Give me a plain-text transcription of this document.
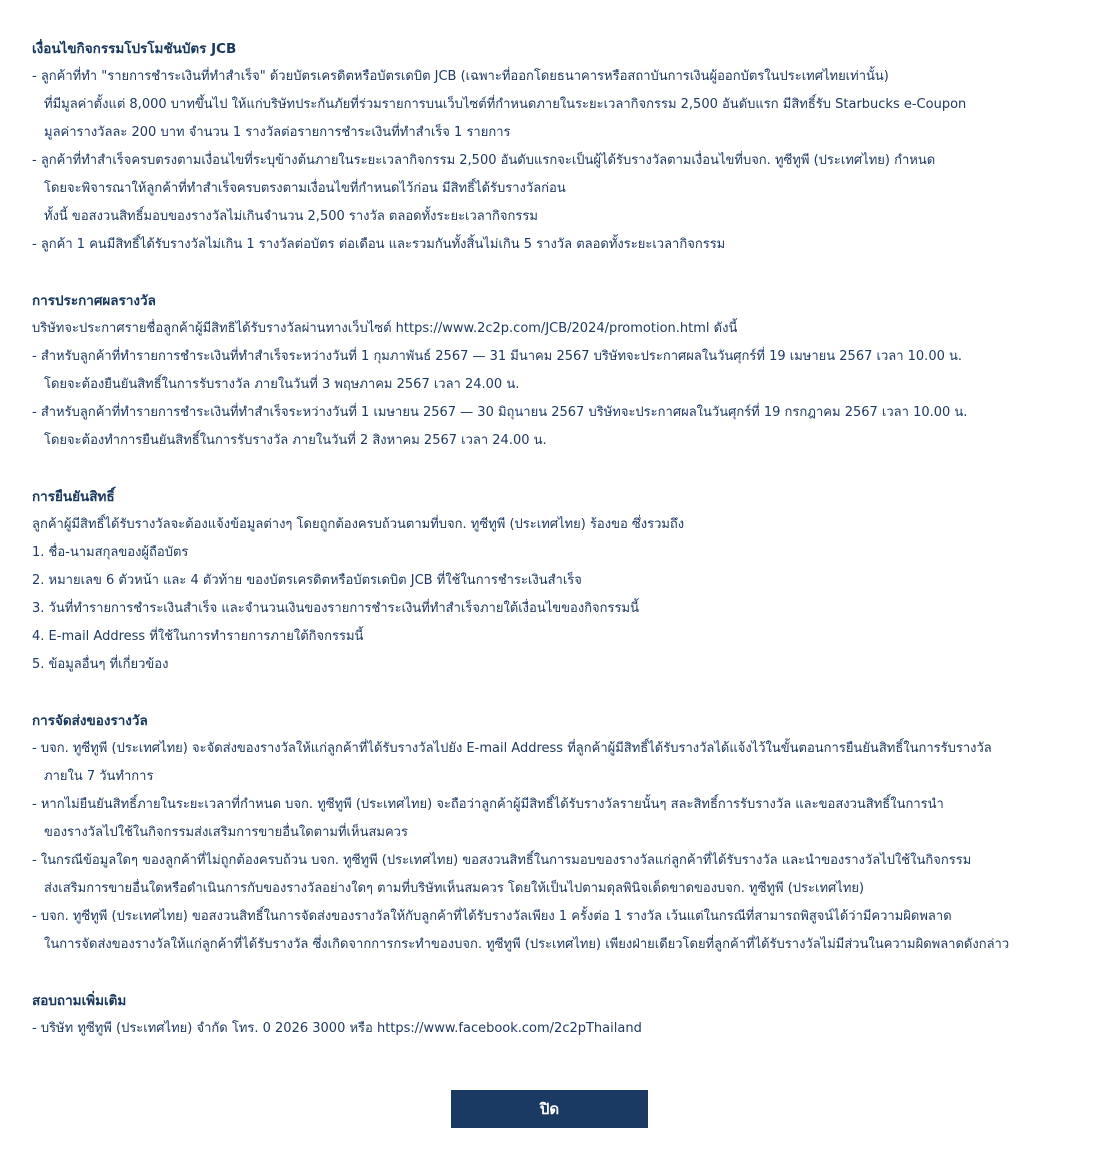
เงื่อนไขกิจกรรมโปรโมชันบัตร JCB
- ลูกค้าที่ทำ "รายการชำระเงินที่ทำสำเร็จ" ด้วยบัตรเครดิตหรือบัตรเดบิต JCB (เฉพาะที่ออกโดยธนาคารหรือสถาบันการเงินผู้ออกบัตรในประเทศไทยเท่านั้น)
ที่มีมูลค่าตั้งแต่ 8,000 บาทขึ้นไป ให้แก่บริษัทประกันภัยที่ร่วมรายการบนเว็บไซต์ที่กำหนดภายในระยะเวลากิจกรรม 2,500 อันดับแรก มีสิทธิ์รับ Starbucks e-Coupon
มูลค่ารางวัลละ 200 บาท จำนวน 1 รางวัลต่อรายการชำระเงินที่ทำสำเร็จ 1 รายการ
- ลูกค้าที่ทำสำเร็จครบตรงตามเงื่อนไขที่ระบุข้างต้นภายในระยะเวลากิจกรรม 2,500 อันดับแรกจะเป็นผู้ได้รับรางวัลตามเงื่อนไขที่บจก. ทูซีทูพี (ประเทศไทย) กำหนด
โดยจะพิจารณาให้ลูกค้าที่ทำสำเร็จครบตรงตามเงื่อนไขที่กำหนดไว้ก่อน มีสิทธิ์ได้รับรางวัลก่อน
ทั้งนี้ ขอสงวนสิทธิ์มอบของรางวัลไม่เกินจำนวน 2,500 รางวัล ตลอดทั้งระยะเวลากิจกรรม
- ลูกค้า 1 คนมีสิทธิ์ได้รับรางวัลไม่เกิน 1 รางวัลต่อบัตร ต่อเดือน และรวมกันทั้งสิ้นไม่เกิน 5 รางวัล ตลอดทั้งระยะเวลากิจกรรม
การประกาศผลรางวัล
บริษัทจะประกาศรายชื่อลูกค้าผู้มีสิทธิได้รับรางวัลผ่านทางเว็บไซต์ https://www.2c2p.com/JCB/2024/promotion.html ดังนี้
- สำหรับลูกค้าที่ทำรายการชำระเงินที่ทำสำเร็จระหว่างวันที่ 1 กุมภาพันธ์ 2567 — 31 มีนาคม 2567 บริษัทจะประกาศผลในวันศุกร์ที่ 19 เมษายน 2567 เวลา 10.00 น.
โดยจะต้องยืนยันสิทธิ์ในการรับรางวัล ภายในวันที่ 3 พฤษภาคม 2567 เวลา 24.00 น.
- สำหรับลูกค้าที่ทำรายการชำระเงินที่ทำสำเร็จระหว่างวันที่ 1 เมษายน 2567 — 30 มิถุนายน 2567 บริษัทจะประกาศผลในวันศุกร์ที่ 19 กรกฎาคม 2567 เวลา 10.00 น.
โดยจะต้องทำการยืนยันสิทธิ์ในการรับรางวัล ภายในวันที่ 2 สิงหาคม 2567 เวลา 24.00 น.
การยืนยันสิทธิ์
ลูกค้าผู้มีสิทธิ์ได้รับรางวัลจะต้องแจ้งข้อมูลต่างๆ โดยถูกต้องครบถ้วนตามที่บจก. ทูซีทูพี (ประเทศไทย) ร้องขอ ซึ่งรวมถึง
1. ชื่อ-นามสกุลของผู้ถือบัตร
2. หมายเลข 6 ตัวหน้า และ 4 ตัวท้าย ของบัตรเครดิตหรือบัตรเดบิต JCB ที่ใช้ในการชำระเงินสำเร็จ
3. วันที่ทำรายการชำระเงินสำเร็จ และจำนวนเงินของรายการชำระเงินที่ทำสำเร็จภายใต้เงื่อนไขของกิจกรรมนี้
4. E-mail Address ที่ใช้ในการทำรายการภายใต้กิจกรรมนี้
5. ข้อมูลอื่นๆ ที่เกี่ยวข้อง
การจัดส่งของรางวัล
- บจก. ทูซีทูพี (ประเทศไทย) จะจัดส่งของรางวัลให้แก่ลูกค้าที่ได้รับรางวัลไปยัง E-mail Address ที่ลูกค้าผู้มีสิทธิ์ได้รับรางวัลได้แจ้งไว้ในขั้นตอนการยืนยันสิทธิ์ในการรับรางวัล
ภายใน 7 วันทำการ
- หากไม่ยืนยันสิทธิ์ภายในระยะเวลาที่กำหนด บจก. ทูซีทูพี (ประเทศไทย) จะถือว่าลูกค้าผู้มีสิทธิ์ได้รับรางวัลรายนั้นๆ สละสิทธิ์การรับรางวัล และขอสงวนสิทธิ์ในการนำ
ของรางวัลไปใช้ในกิจกรรมส่งเสริมการขายอื่นใดตามที่เห็นสมควร
- ในกรณีข้อมูลใดๆ ของลูกค้าที่ไม่ถูกต้องครบถ้วน บจก. ทูซีทูพี (ประเทศไทย) ขอสงวนสิทธิ์ในการมอบของรางวัลแก่ลูกค้าที่ได้รับรางวัล และนำของรางวัลไปใช้ในกิจกรรม
ส่งเสริมการขายอื่นใดหรือดำเนินการกับของรางวัลอย่างใดๆ ตามที่บริษัทเห็นสมควร โดยให้เป็นไปตามดุลพินิจเด็ดขาดของบจก. ทูซีทูพี (ประเทศไทย)
- บจก. ทูซีทูพี (ประเทศไทย) ขอสงวนสิทธิ์ในการจัดส่งของรางวัลให้กับลูกค้าที่ได้รับรางวัลเพียง 1 ครั้งต่อ 1 รางวัล เว้นแต่ในกรณีที่สามารถพิสูจน์ได้ว่ามีความผิดพลาด
ในการจัดส่งของรางวัลให้แก่ลูกค้าที่ได้รับรางวัล ซึ่งเกิดจากการกระทำของบจก. ทูซีทูพี (ประเทศไทย) เพียงฝ่ายเดียวโดยที่ลูกค้าที่ได้รับรางวัลไม่มีส่วนในความผิดพลาดดังกล่าว
สอบถามเพิ่มเติม
- บริษัท ทูซีทูพี (ประเทศไทย) จำกัด โทร. 0 2026 3000 หรือ https://www.facebook.com/2c2pThailand
ปิด
